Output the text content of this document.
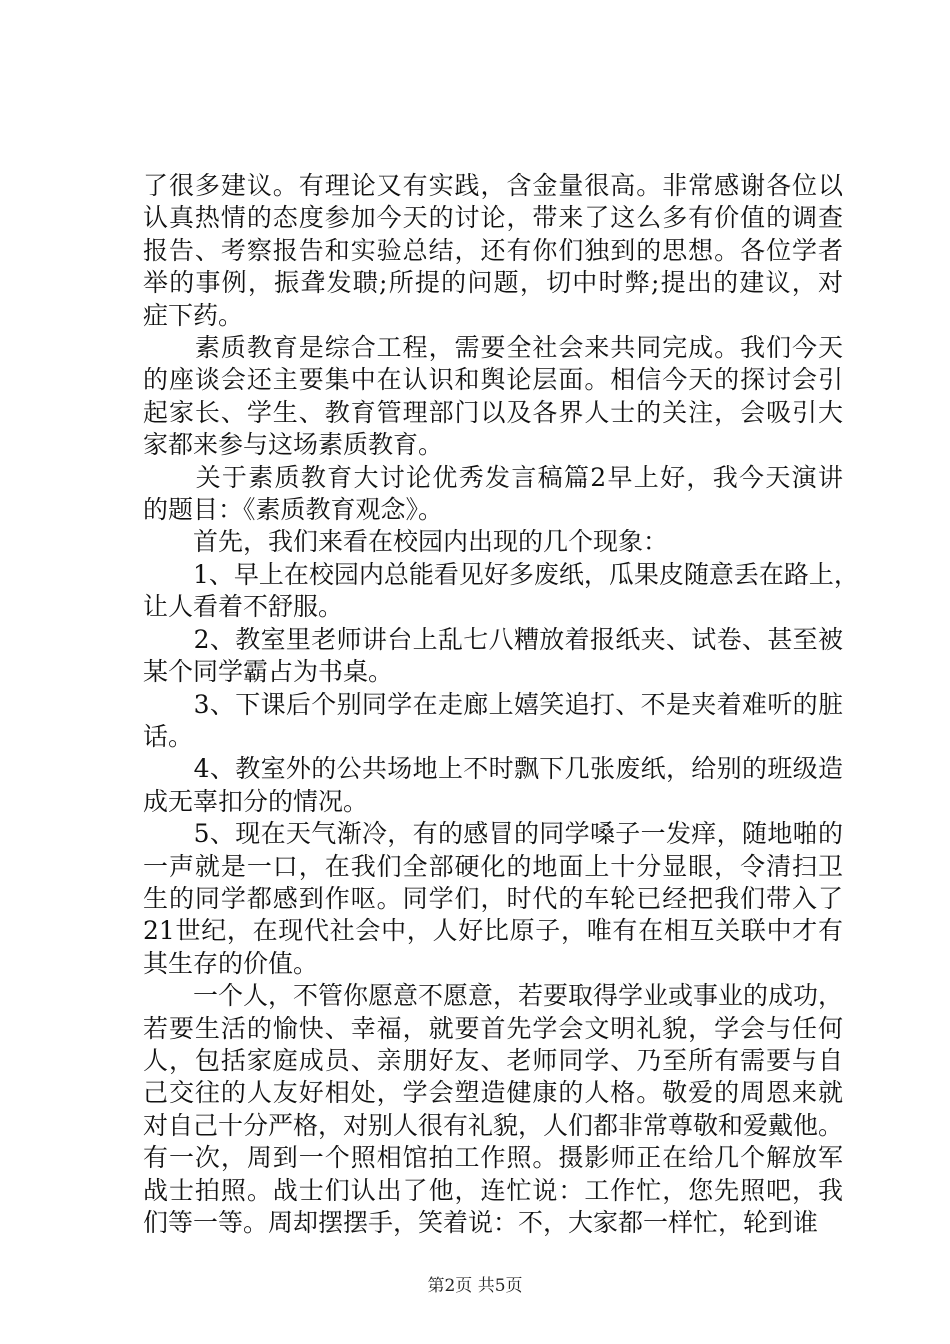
了很多建议。有理论又有实践，含金量很高。非常感谢各位以
认真热情的态度参加今天的讨论，带来了这么多有价值的调查
报告、考察报告和实验总结，还有你们独到的思想。各位学者
举的事例，振聋发聩;所提的问题，切中时弊;提出的建议，对
症下药。
　　素质教育是综合工程，需要全社会来共同完成。我们今天
的座谈会还主要集中在认识和舆论层面。相信今天的探讨会引
起家长、学生、教育管理部门以及各界人士的关注，会吸引大
家都来参与这场素质教育。
　　关于素质教育大讨论优秀发言稿篇2早上好，我今天演讲
的题目：《素质教育观念》。
　　首先，我们来看在校园内出现的几个现象：
　　1、早上在校园内总能看见好多废纸，瓜果皮随意丢在路上，
让人看着不舒服。
　　2、教室里老师讲台上乱七八糟放着报纸夹、试卷、甚至被
某个同学霸占为书桌。
　　3、下课后个别同学在走廊上嬉笑追打、不是夹着难听的脏
话。
　　4、教室外的公共场地上不时飘下几张废纸，给别的班级造
成无辜扣分的情况。
　　5、现在天气渐冷，有的感冒的同学嗓子一发痒，随地啪的
一声就是一口，在我们全部硬化的地面上十分显眼，令清扫卫
生的同学都感到作呕。同学们，时代的车轮已经把我们带入了
21世纪，在现代社会中，人好比原子，唯有在相互关联中才有
其生存的价值。
　　一个人，不管你愿意不愿意，若要取得学业或事业的成功，
若要生活的愉快、幸福，就要首先学会文明礼貌，学会与任何
人，包括家庭成员、亲朋好友、老师同学、乃至所有需要与自
己交往的人友好相处，学会塑造健康的人格。敬爱的周恩来就
对自己十分严格，对别人很有礼貌，人们都非常尊敬和爱戴他。
有一次，周到一个照相馆拍工作照。摄影师正在给几个解放军
战士拍照。战士们认出了他，连忙说：工作忙，您先照吧，我
们等一等。周却摆摆手，笑着说：不，大家都一样忙，轮到谁
第2页 共5页
